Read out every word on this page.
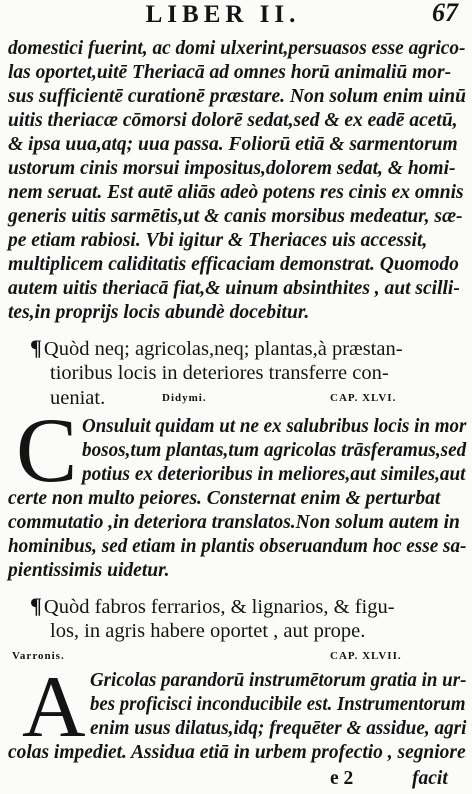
LIBER II.	67
domestici fuerint, ac domi ulxerint,persuasos esse agrico-
las oportet,uitē Theriacā ad omnes horū animaliū mor-
sus sufficientē curationē præstare. Non solum enim uinū
uitis theriacæ cōmorsi dolorē sedat,sed & ex eadē acetū,
& ipsa uua,atq; uua passa. Foliorū etiā & sarmentorum
ustorum cinis morsui impositus,dolorem sedat, & homi-
nem seruat. Est autē aliās adeò potens res cinis ex omnis
generis uitis sarmētis,ut & canis morsibus medeatur, sæ-
pe etiam rabiosi. Vbi igitur & Theriaces uis accessit,
multiplicem caliditatis efficaciam demonstrat. Quomodo
autem uitis theriacā fiat,& uinum absinthites , aut scilli-
tes,in proprijs locis abundè docebitur.
¶Quòd neq; agricolas,neq; plantas,à præstan-
tioribus locis in deteriores transferre con-
ueniat.	Didymi.	CAP. XLVI.
C Onsuluit quidam ut ne ex salubribus locis in mor
bosos,tum plantas,tum agricolas trāsferamus,sed
potius ex deterioribus in meliores,aut similes,aut
certe non multo peiores. Consternat enim & perturbat
commutatio ,in deteriora translatos.Non solum autem in
hominibus, sed etiam in plantis obseruandum hoc esse sa-
pientissimis uidetur.
¶Quòd fabros ferrarios, & lignarios, & figu-
los, in agris habere oportet , aut prope.
Varronis.	CAP. XLVII.
A Gricolas parandorū instrumētorum gratia in ur-
bes proficisci inconducibile est. Instrumentorum
enim usus dilatus,idq; frequēter & assidue, agri
colas impediet. Assidua etiā in urbem profectio , segniore
e 2	facit
